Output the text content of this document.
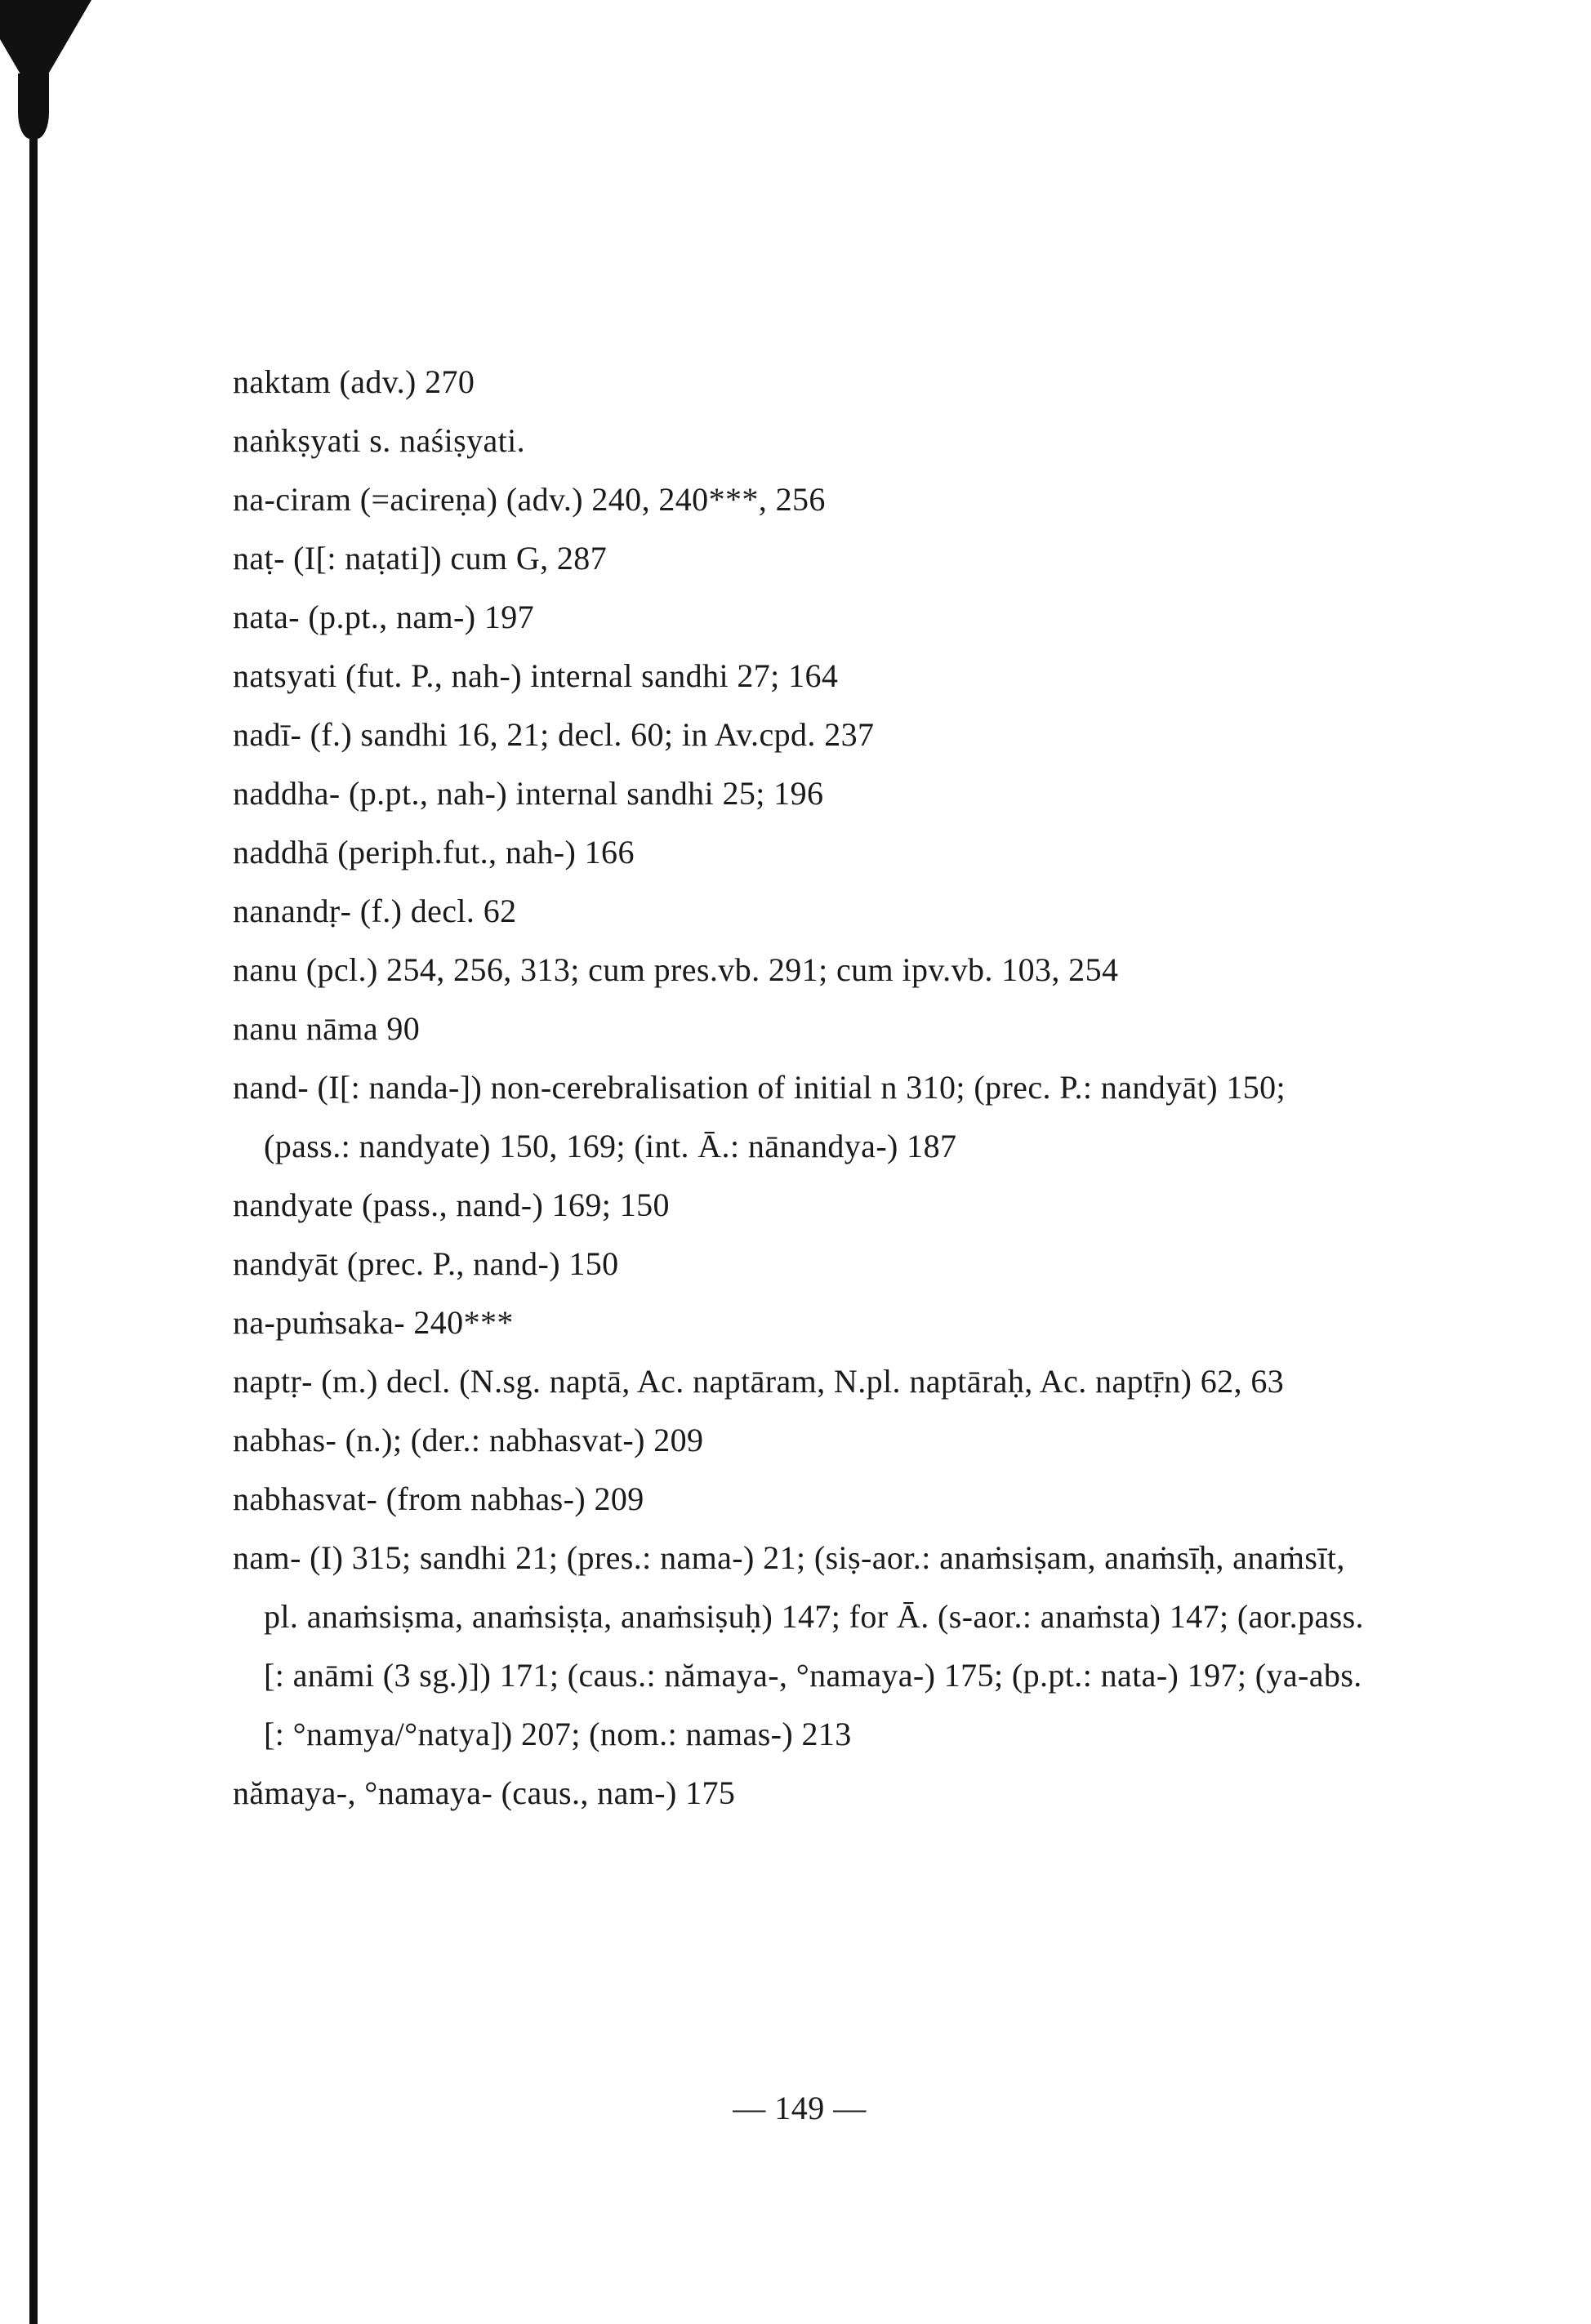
naktam (adv.) 270
naṅkṣyati s. naśiṣyati.
na-ciram (=acireṇa) (adv.) 240, 240***, 256
naṭ- (I[: naṭati]) cum G, 287
nata- (p.pt., nam-) 197
natsyati (fut. P., nah-) internal sandhi 27; 164
nadī- (f.) sandhi 16, 21; decl. 60; in Av.cpd. 237
naddha- (p.pt., nah-) internal sandhi 25; 196
naddhā (periph.fut., nah-) 166
nanandṛ- (f.) decl. 62
nanu (pcl.) 254, 256, 313; cum pres.vb. 291; cum ipv.vb. 103, 254
nanu nāma 90
nand- (I[: nanda-]) non-cerebralisation of initial n 310; (prec. P.: nandyāt) 150; (pass.: nandyate) 150, 169; (int. Ā.: nānandya-) 187
nandyate (pass., nand-) 169; 150
nandyāt (prec. P., nand-) 150
na-puṁsaka- 240***
naptṛ- (m.) decl. (N.sg. naptā, Ac. naptāram, N.pl. naptāraḥ, Ac. naptṝn) 62, 63
nabhas- (n.); (der.: nabhasvat-) 209
nabhasvat- (from nabhas-) 209
nam- (I) 315; sandhi 21; (pres.: nama-) 21; (siṣ-aor.: anaṁsiṣam, anaṁsīḥ, anaṁsīt, pl. anaṁsiṣma, anaṁsiṣṭa, anaṁsiṣuḥ) 147; for Ā. (s-aor.: anaṁsta) 147; (aor.pass.[: anāmi (3 sg.)]) 171; (caus.: nămaya-, °namaya-) 175; (p.pt.: nata-) 197; (ya-abs.[: °namya/°natya]) 207; (nom.: namas-) 213
nămaya-, °namaya- (caus., nam-) 175
— 149 —
